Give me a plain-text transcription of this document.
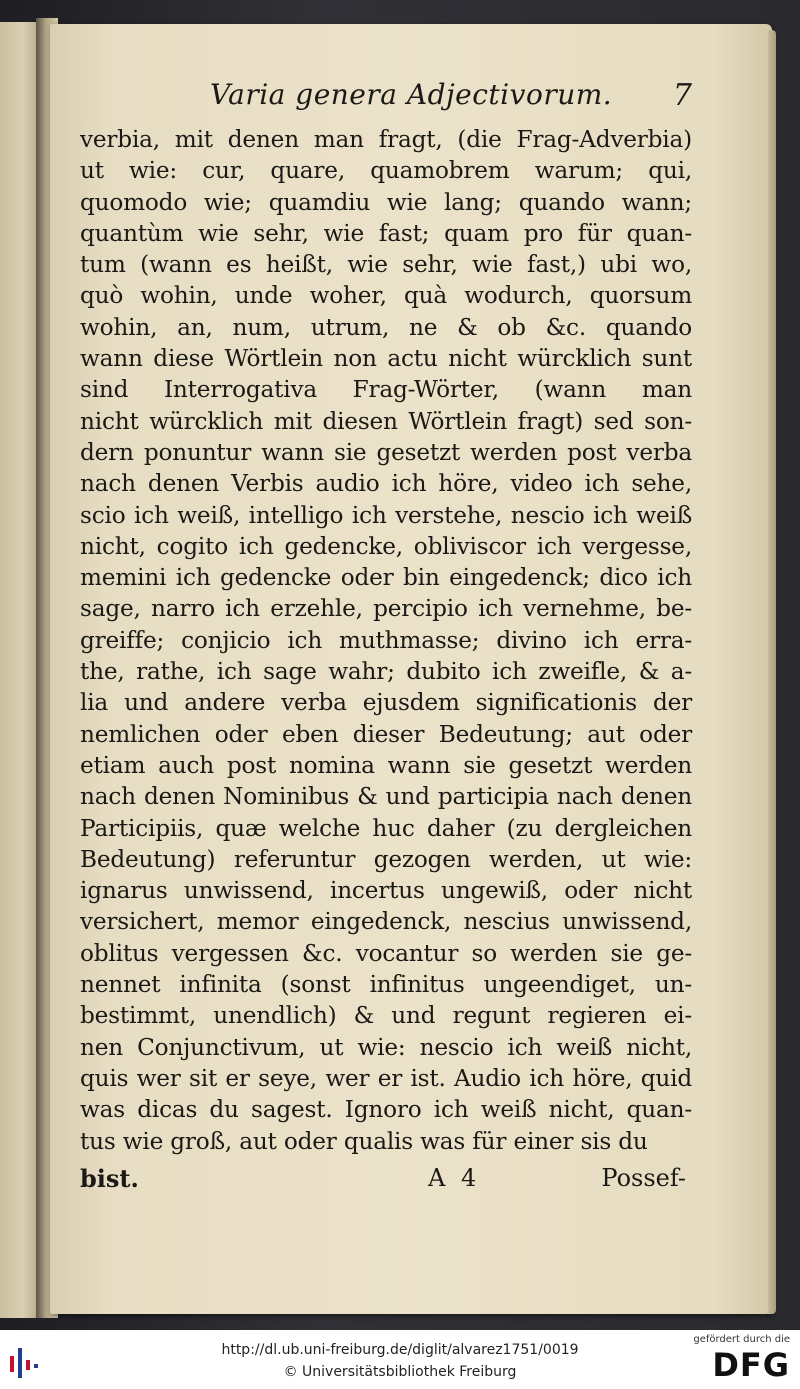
Varia genera Adjectivorum. 7
verbia, mit denen man fragt, (die Frag-Adverbia)
ut wie: cur, quare, quamobrem warum; qui,
quomodo wie; quamdiu wie lang; quando wann;
quantùm wie sehr, wie fast; quam pro für quan-
tum (wann es heißt, wie sehr, wie fast,) ubi wo,
quò wohin, unde woher, quà wodurch, quorsum
wohin, an, num, utrum, ne & ob &c. quando
wann diese Wörtlein non actu nicht würcklich sunt
sind Interrogativa Frag-Wörter, (wann man
nicht würcklich mit diesen Wörtlein fragt) sed son-
dern ponuntur wann sie gesetzt werden post verba
nach denen Verbis audio ich höre, video ich sehe,
scio ich weiß, intelligo ich verstehe, nescio ich weiß
nicht, cogito ich gedencke, obliviscor ich vergesse,
memini ich gedencke oder bin eingedenck; dico ich
sage, narro ich erzehle, percipio ich vernehme, be-
greiffe; conjicio ich muthmasse; divino ich erra-
the, rathe, ich sage wahr; dubito ich zweifle, & a-
lia und andere verba ejusdem significationis der
nemlichen oder eben dieser Bedeutung; aut oder
etiam auch post nomina wann sie gesetzt werden
nach denen Nominibus & und participia nach denen
Participiis, quæ welche huc daher (zu dergleichen
Bedeutung) referuntur gezogen werden, ut wie:
ignarus unwissend, incertus ungewiß, oder nicht
versichert, memor eingedenck, nescius unwissend,
oblitus vergessen &c. vocantur so werden sie ge-
nennet infinita (sonst infinitus ungeendiget, un-
bestimmt, unendlich) & und regunt regieren ei-
nen Conjunctivum, ut wie: nescio ich weiß nicht,
quis wer sit er seye, wer er ist. Audio ich höre, quid
was dicas du sagest. Ignoro ich weiß nicht, quan-
tus wie groß, aut oder qualis was für einer sis du
bist.	A 4	Possef-
http://dl.ub.uni-freiburg.de/diglit/alvarez1751/0019
© Universitätsbibliothek Freiburg
gefördert durch die
DFG
